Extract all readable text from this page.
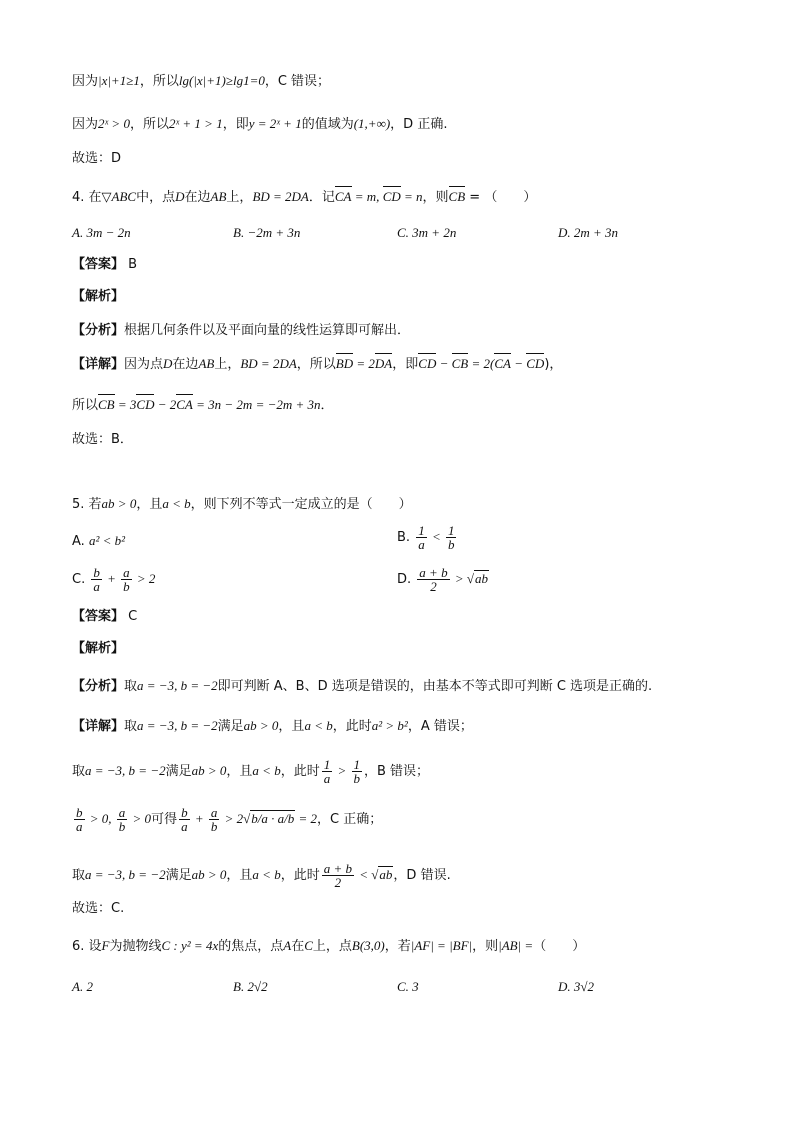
因为|x|+1≥1，所以lg(|x|+1)≥lg1=0，C 错误；
因为2ˣ > 0，所以2ˣ + 1 > 1，即y = 2ˣ + 1的值域为(1,+∞)，D 正确.
故选：D
4. 在▽ABC中，点D在边AB上，BD = 2DA．记CA = m, CD = n，则CB = （　　）
A. 3m − 2n	B. −2m + 3n	C. 3m + 2n	D. 2m + 3n
【答案】 B
【解析】
【分析】根据几何条件以及平面向量的线性运算即可解出．
【详解】因为点D在边AB上，BD = 2DA，所以BD = 2DA，即CD − CB = 2(CA − CD)，
所以CB = 3CD − 2CA = 3n − 2m = −2m + 3n．
故选：B．
5. 若ab > 0，且a < b，则下列不等式一定成立的是（　　）
A. a² < b²	B. $\frac{1}{a} < \frac{1}{b}$
C. $\frac{b}{a} + \frac{a}{b} > 2$	D. $\frac{a + b}{2} > √ab$
【答案】 C
【解析】
【分析】取a = −3, b = −2即可判断 A、B、D 选项是错误的，由基本不等式即可判断 C 选项是正确的.
【详解】取a = −3, b = −2满足ab > 0，且a < b，此时a² > b²，A 错误；
取a = −3, b = −2满足ab > 0，且a < b，此时 $\frac{1}{a} > \frac{1}{b}$ ，B 错误；
$\frac{b}{a} > 0$, $\frac{a}{b} > 0$可得 $\frac{b}{a} + \frac{a}{b} > 2√b/a \cdot a/b = 2$，C 正确；
取a = −3, b = −2满足ab > 0，且a < b，此时 $\frac{a + b}{2} < √ab$，D 错误.
故选：C.
6. 设F为抛物线C : y² = 4x的焦点，点A在C上，点B(3,0)，若|AF| = |BF|，则|AB| =（　　）
A. 2	B. 2√2	C. 3	D. 3√2
